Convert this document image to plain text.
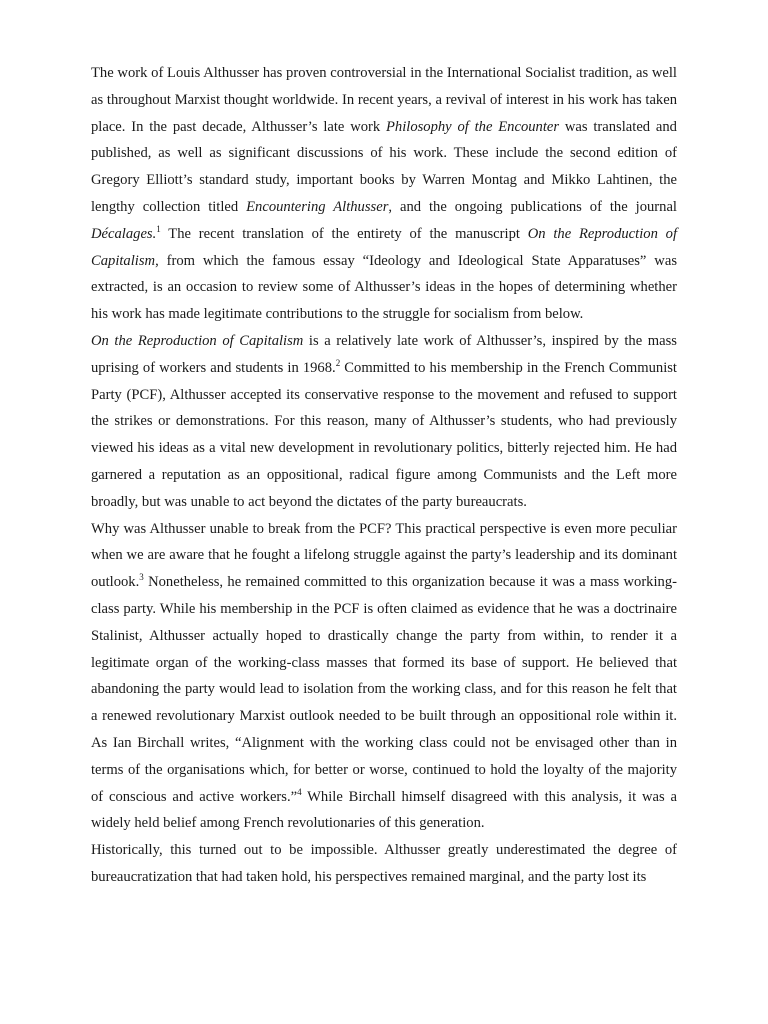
The work of Louis Althusser has proven controversial in the International Socialist tradition, as well as throughout Marxist thought worldwide. In recent years, a revival of interest in his work has taken place. In the past decade, Althusser’s late work Philosophy of the Encounter was translated and published, as well as significant discussions of his work. These include the second edition of Gregory Elliott’s standard study, important books by Warren Montag and Mikko Lahtinen, the lengthy collection titled Encountering Althusser, and the ongoing publications of the journal Décalages.$^1$ The recent translation of the entirety of the manuscript On the Reproduction of Capitalism, from which the famous essay “Ideology and Ideological State Apparatuses” was extracted, is an occasion to review some of Althusser’s ideas in the hopes of determining whether his work has made legitimate contributions to the struggle for socialism from below.

On the Reproduction of Capitalism is a relatively late work of Althusser’s, inspired by the mass uprising of workers and students in 1968.$^2$ Committed to his membership in the French Communist Party (PCF), Althusser accepted its conservative response to the movement and refused to support the strikes or demonstrations. For this reason, many of Althusser’s students, who had previously viewed his ideas as a vital new development in revolutionary politics, bitterly rejected him. He had garnered a reputation as an oppositional, radical figure among Communists and the Left more broadly, but was unable to act beyond the dictates of the party bureaucrats.

Why was Althusser unable to break from the PCF? This practical perspective is even more peculiar when we are aware that he fought a lifelong struggle against the party’s leadership and its dominant outlook.$^3$ Nonetheless, he remained committed to this organization because it was a mass working-class party. While his membership in the PCF is often claimed as evidence that he was a doctrinaire Stalinist, Althusser actually hoped to drastically change the party from within, to render it a legitimate organ of the working-class masses that formed its base of support. He believed that abandoning the party would lead to isolation from the working class, and for this reason he felt that a renewed revolutionary Marxist outlook needed to be built through an oppositional role within it. As Ian Birchall writes, “Alignment with the working class could not be envisaged other than in terms of the organisations which, for better or worse, continued to hold the loyalty of the majority of conscious and active workers.”$^4$ While Birchall himself disagreed with this analysis, it was a widely held belief among French revolutionaries of this generation.

Historically, this turned out to be impossible. Althusser greatly underestimated the degree of bureaucratization that had taken hold, his perspectives remained marginal, and the party lost its
